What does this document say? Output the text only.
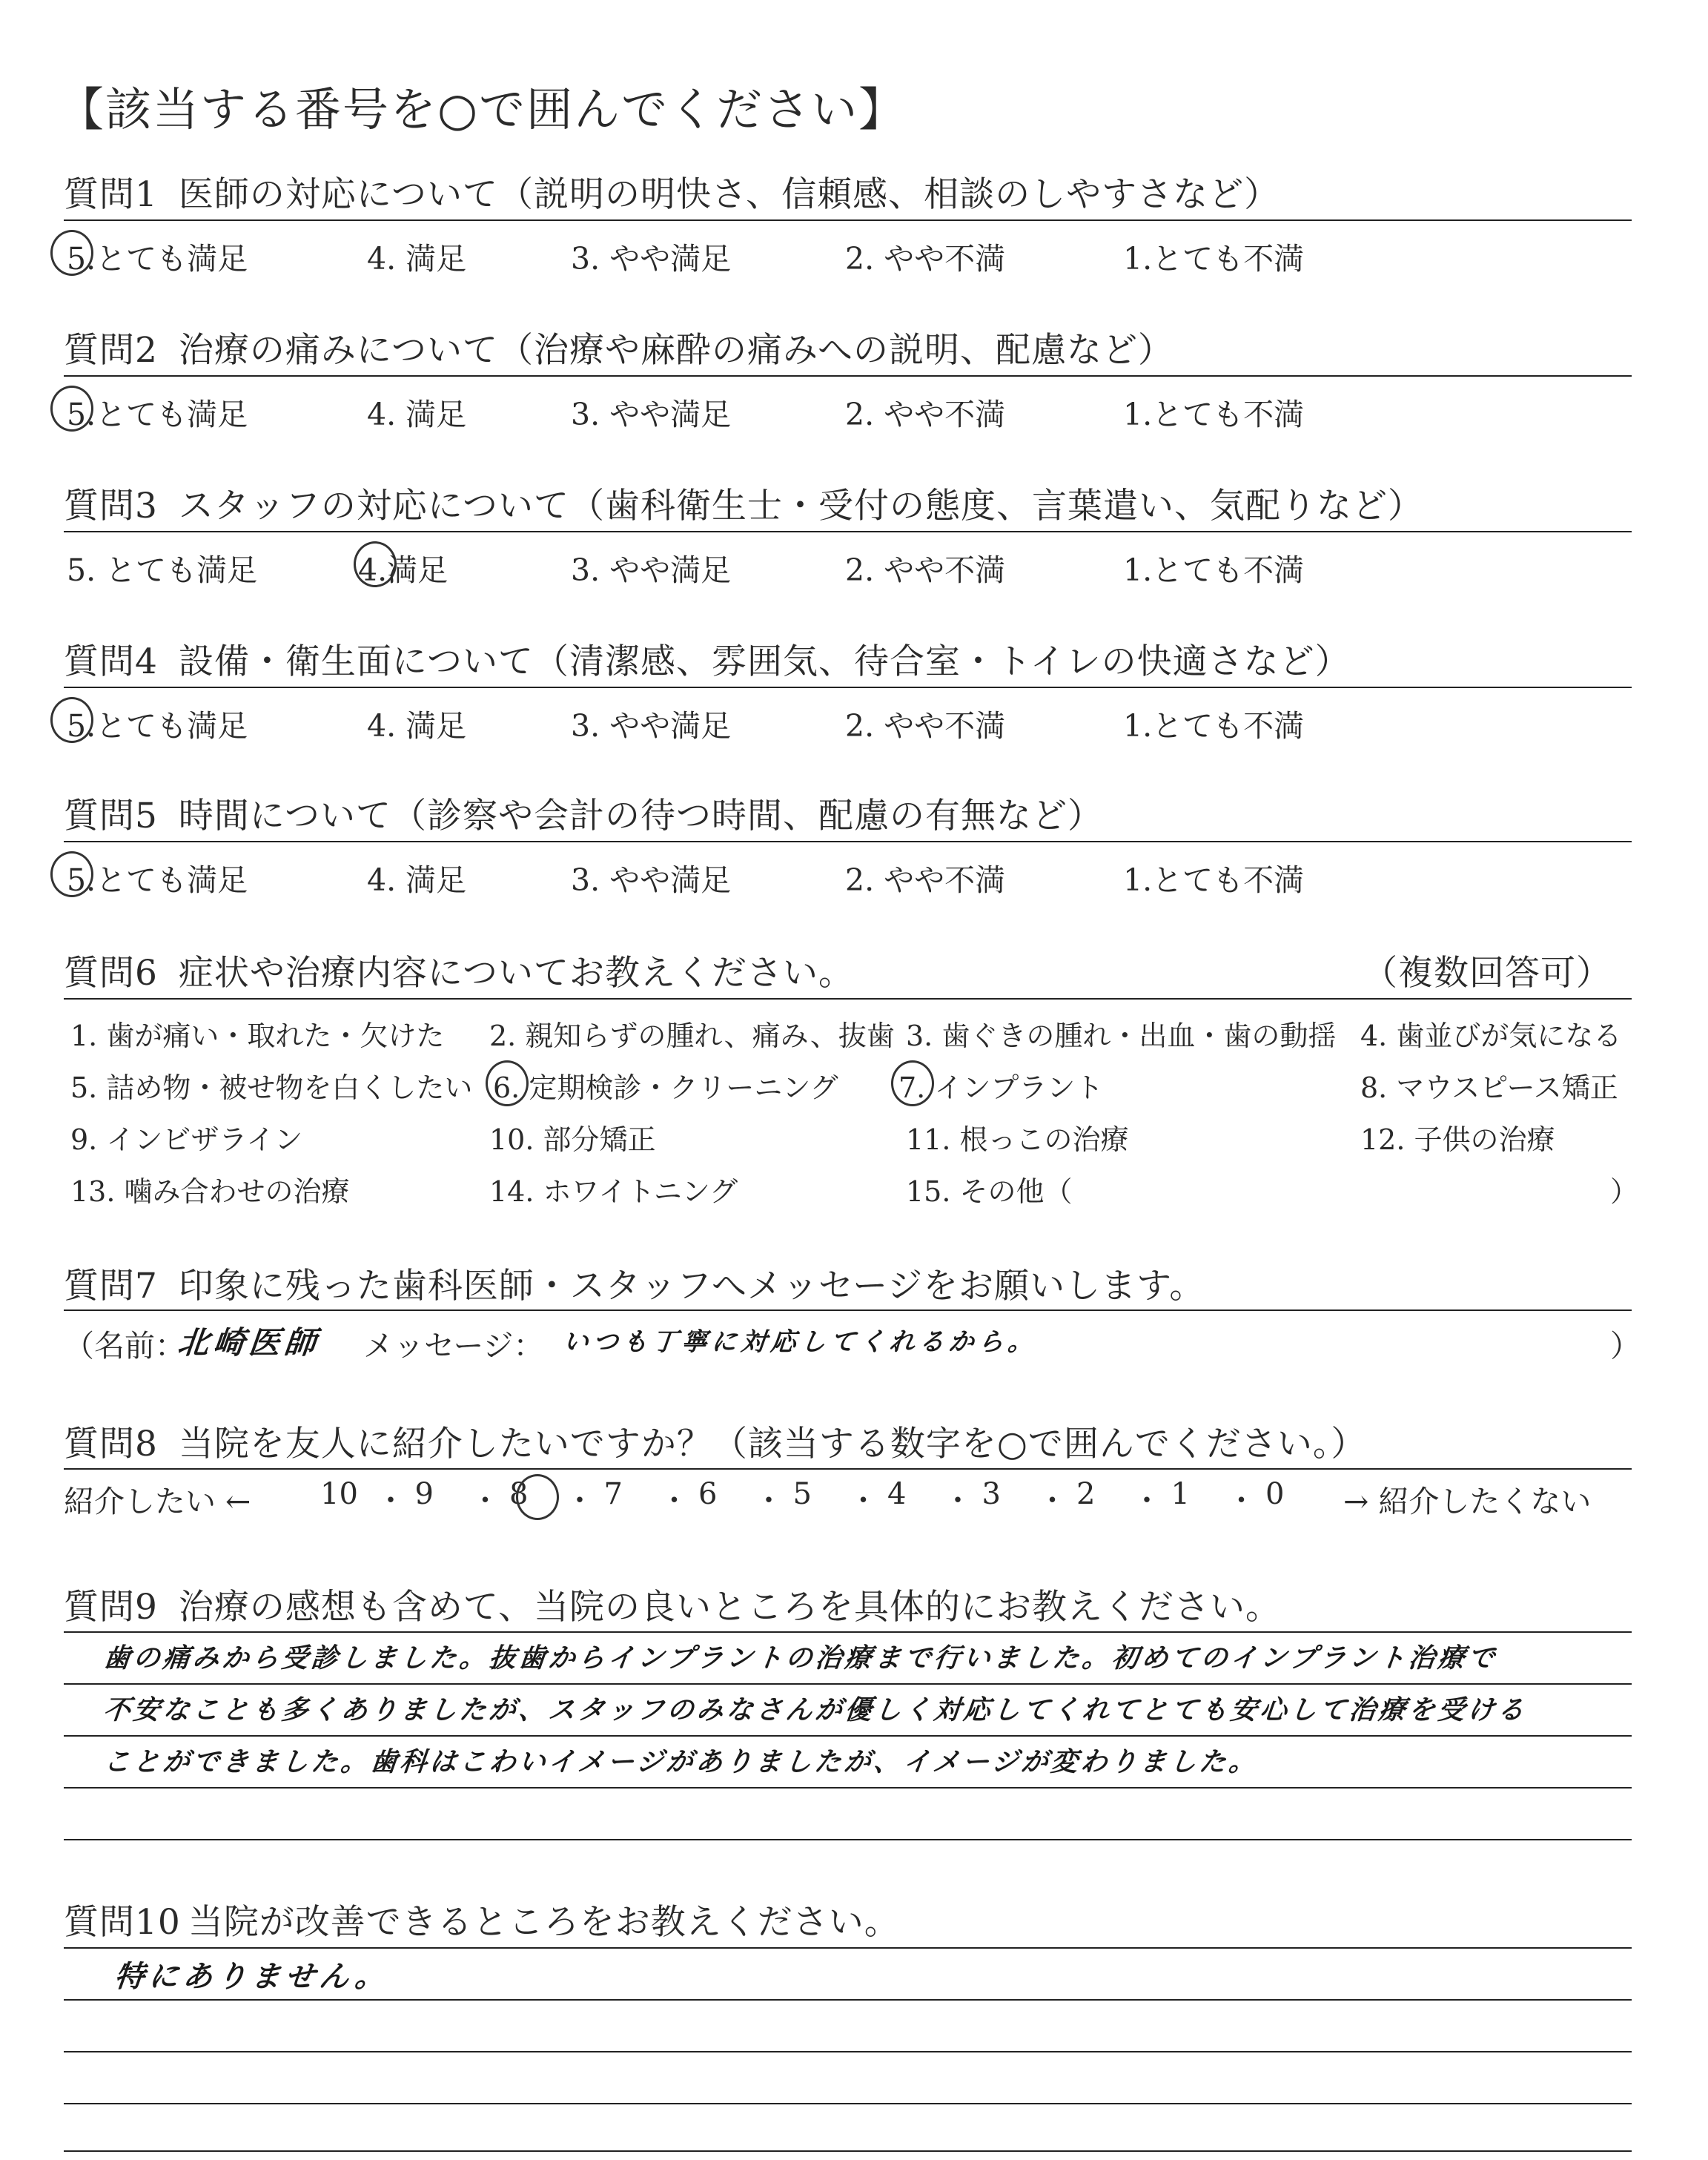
【該当する番号を○で囲んでください】
質問1 医師の対応について（説明の明快さ、信頼感、相談のしやすさなど）
質問2 治療の痛みについて（治療や麻酔の痛みへの説明、配慮など）
質問3 スタッフの対応について（歯科衛生士・受付の態度、言葉遣い、気配りなど）
質問4 設備・衛生面について（清潔感、雰囲気、待合室・トイレの快適さなど）
質問5 時間について（診察や会計の待つ時間、配慮の有無など）
5.とても満足	4. 満足	3. やや満足	2. やや不満	1.とても不満
5.とても満足	4. 満足	3. やや満足	2. やや不満	1.とても不満
5. とても満足	4.満足	3. やや満足	2. やや不満	1.とても不満
5.とても満足	4. 満足	3. やや満足	2. やや不満	1.とても不満
5.とても満足	4. 満足	3. やや満足	2. やや不満	1.とても不満
質問6 症状や治療内容についてお教えください。	（複数回答可）
1. 歯が痛い・取れた・欠けた 2. 親知らずの腫れ、痛み、抜歯 3. 歯ぐきの腫れ・出血・歯の動揺 4. 歯並びが気になる
5. 詰め物・被せ物を白くしたい 6. 定期検診・クリーニング 7. インプラント	8. マウスピース矯正
9. インビザライン	10. 部分矯正	11. 根っこの治療	12. 子供の治療
13. 噛み合わせの治療	14. ホワイトニング	15. その他（	）
質問7 印象に残った歯科医師・スタッフへメッセージをお願いします。
（名前：
北崎医師 メッセージ： いつも丁寧に対応してくれるから。	）
質問8 当院を友人に紹介したいですか？（該当する数字を○で囲んでください。）
紹介したい ←	→ 紹介したくない
10 ・ 9 ・ 8 ・ 7 ・ 6 ・ 5 ・ 4 ・ 3 ・ 2 ・ 1 ・ 0
質問9 治療の感想も含めて、当院の良いところを具体的にお教えください。
歯の痛みから受診しました。抜歯からインプラントの治療まで行いました。初めてのインプラント治療で
不安なことも多くありましたが、スタッフのみなさんが優しく対応してくれてとても安心して治療を受ける
ことができました。歯科はこわいイメージがありましたが、イメージが変わりました。
質問10 当院が改善できるところをお教えください。
特にありません。
